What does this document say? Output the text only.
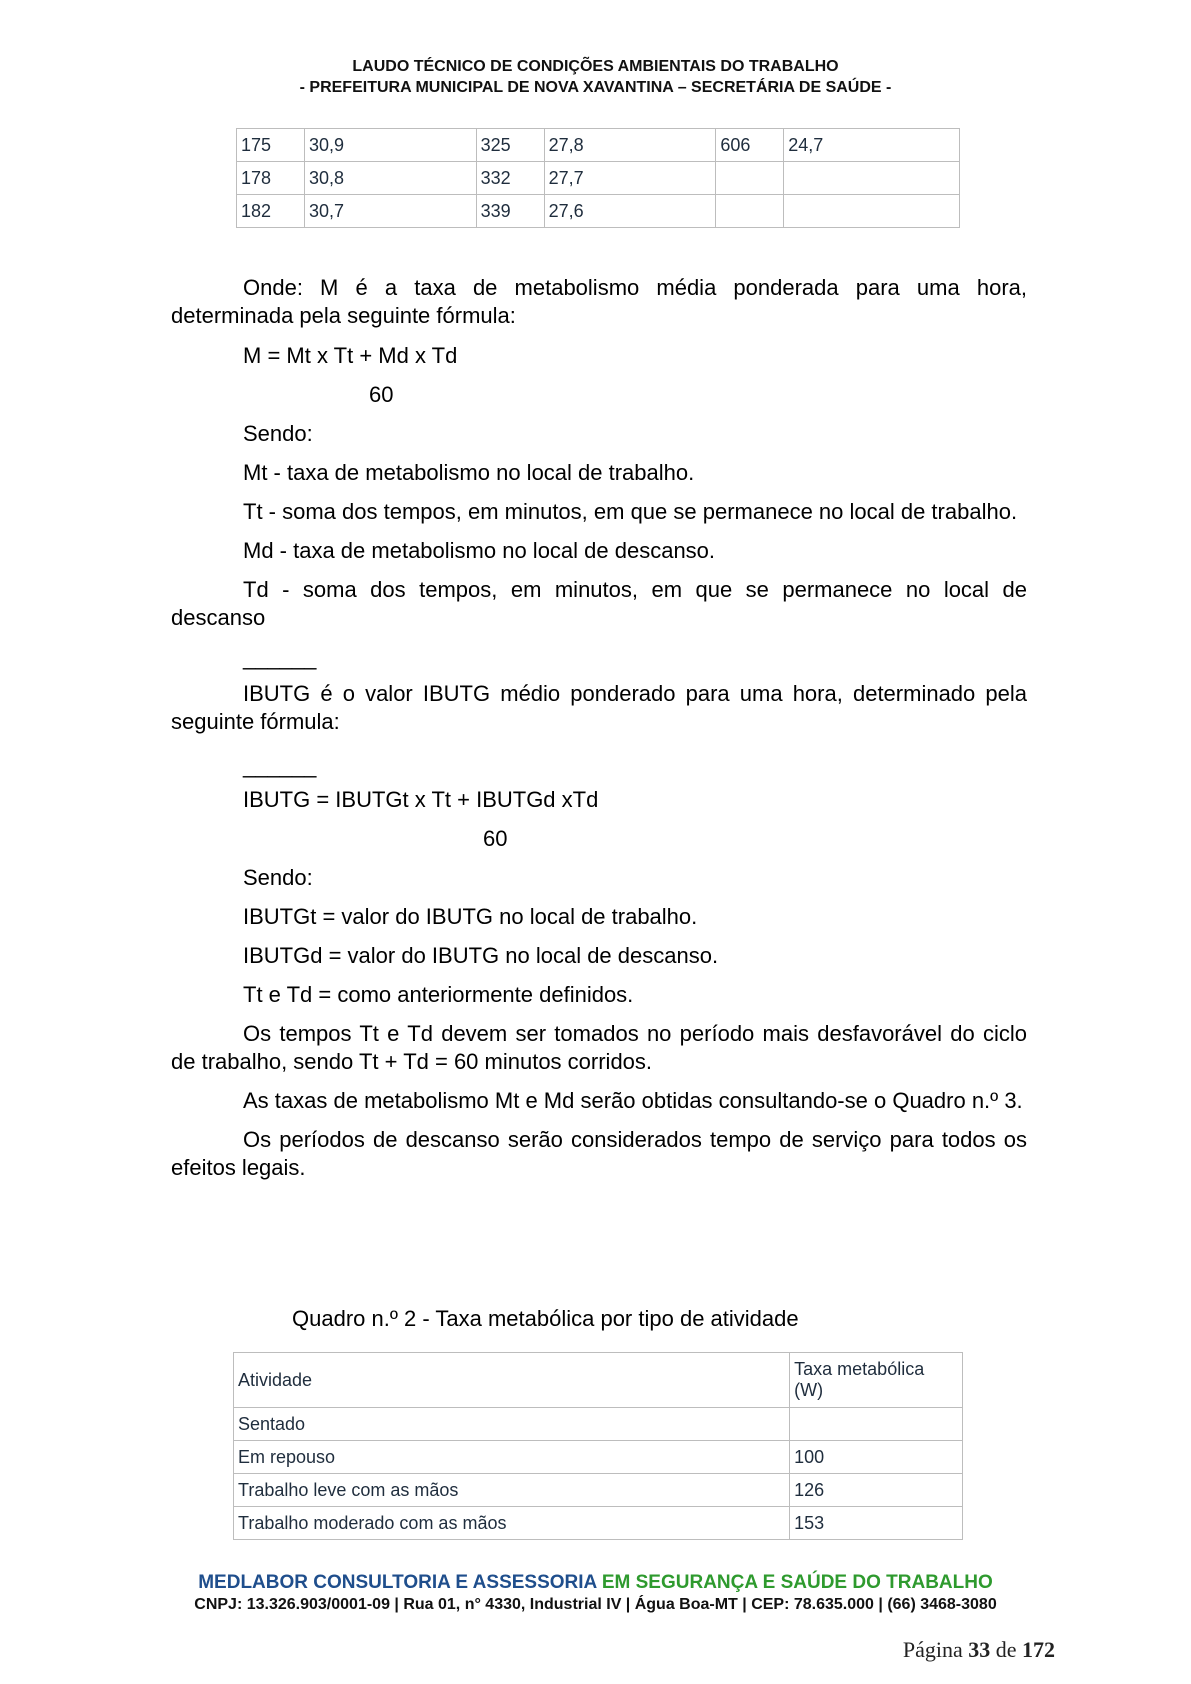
LAUDO TÉCNICO DE CONDIÇÕES AMBIENTAIS DO TRABALHO
- PREFEITURA MUNICIPAL DE NOVA XAVANTINA – SECRETÁRIA DE SAÚDE -
175	30,9	325	27,8	606	24,7
178	30,8	332	27,7		
182	30,7	339	27,6		
Onde: M é a taxa de metabolismo média ponderada para uma hora, determinada pela seguinte fórmula:
M = Mt x Tt + Md x Td
60
Sendo:
Mt - taxa de metabolismo no local de trabalho.
Tt - soma dos tempos, em minutos, em que se permanece no local de trabalho.
Md - taxa de metabolismo no local de descanso.
Td - soma dos tempos, em minutos, em que se permanece no local de descanso
______
IBUTG é o valor IBUTG médio ponderado para uma hora, determinado pela seguinte fórmula:
______
IBUTG = IBUTGt x Tt + IBUTGd xTd
60
Sendo:
IBUTGt = valor do IBUTG no local de trabalho.
IBUTGd = valor do IBUTG no local de descanso.
Tt e Td = como anteriormente definidos.
Os tempos Tt e Td devem ser tomados no período mais desfavorável do ciclo de trabalho, sendo Tt + Td = 60 minutos corridos.
As taxas de metabolismo Mt e Md serão obtidas consultando-se o Quadro n.º 3.
Os períodos de descanso serão considerados tempo de serviço para todos os efeitos legais.
Quadro n.º 2 - Taxa metabólica por tipo de atividade
Atividade	Taxa metabólica (W)
Sentado	
Em repouso	100
Trabalho leve com as mãos	126
Trabalho moderado com as mãos	153
MEDLABOR CONSULTORIA E ASSESSORIA EM SEGURANÇA E SAÚDE DO TRABALHO
CNPJ: 13.326.903/0001-09 | Rua 01, n° 4330, Industrial IV | Água Boa-MT | CEP: 78.635.000 | (66) 3468-3080
Página 33 de 172
